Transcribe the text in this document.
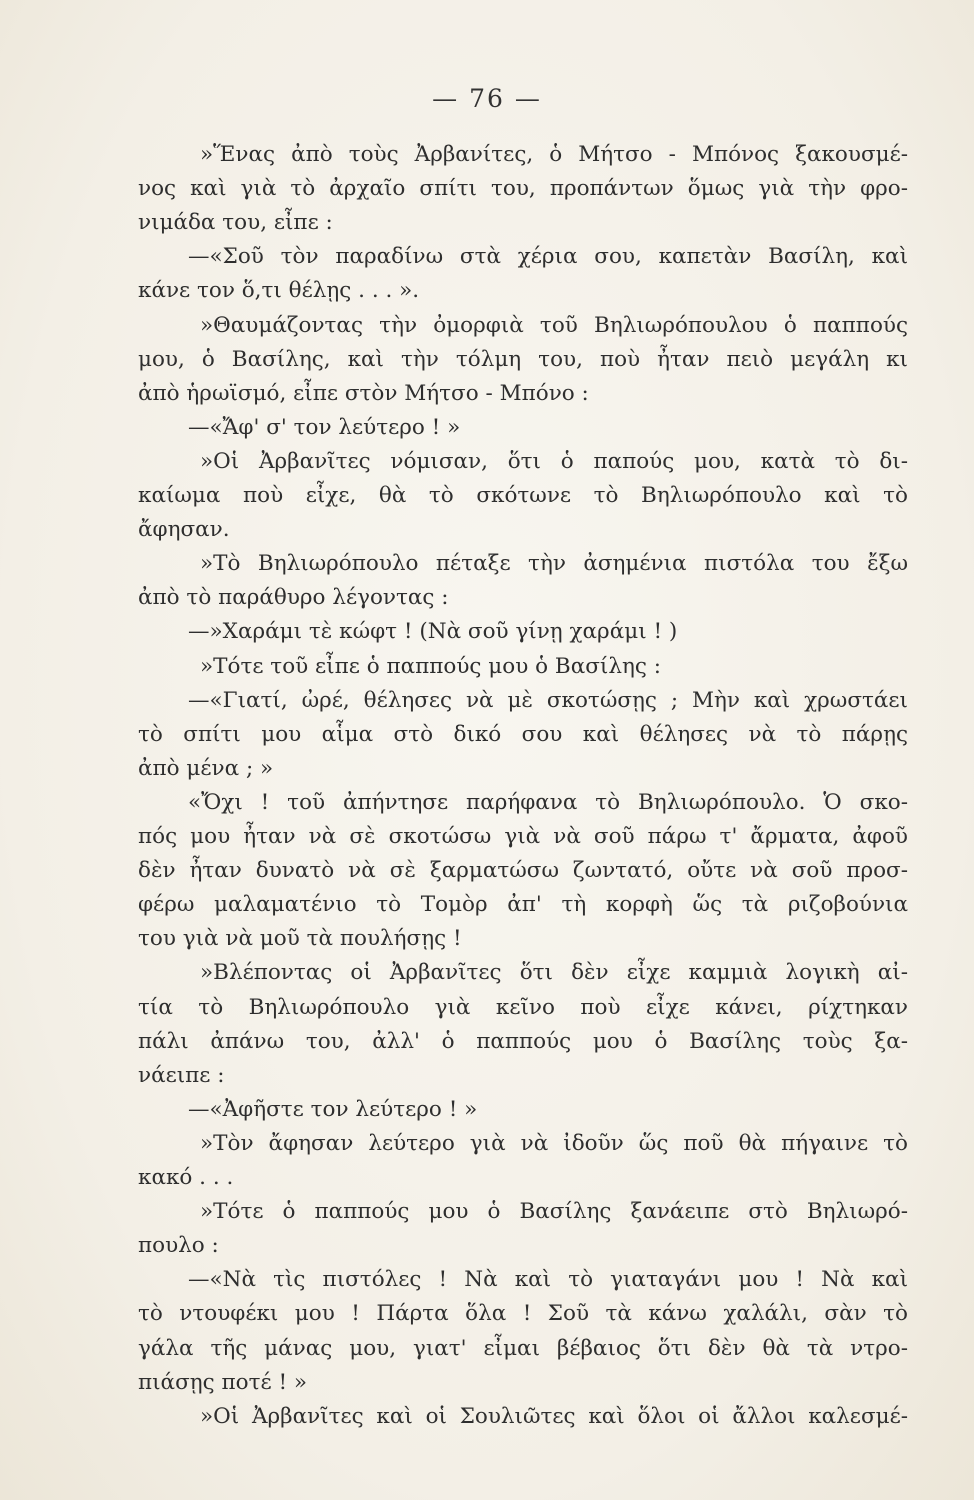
— 76 —
»Ἕνας ἀπὸ τοὺς Ἀρβανίτες, ὁ Μήτσο - Μπόνος ξακουσμέ-
νος καὶ γιὰ τὸ ἀρχαῖο σπίτι του, προπάντων ὅμως γιὰ τὴν φρο-
νιμάδα του, εἶπε :
—«Σοῦ τὸν παραδίνω στὰ χέρια σου, καπετὰν Βασίλη, καὶ
κάνε τον ὅ,τι θέλῃς . . . ».
»Θαυμάζοντας τὴν ὀμορφιὰ τοῦ Βηλιωρόπουλου ὁ παππούς
μου, ὁ Βασίλης, καὶ τὴν τόλμη του, ποὺ ἦταν πειὸ μεγάλη κι
ἀπὸ ἡρωϊσμό, εἶπε στὸν Μήτσο - Μπόνο :
—«Ἄφ' σ' τον λεύτερο ! »
»Οἱ Ἀρβανῖτες νόμισαν, ὅτι ὁ παπούς μου, κατὰ τὸ δι-
καίωμα ποὺ εἶχε, θὰ τὸ σκότωνε τὸ Βηλιωρόπουλο καὶ τὸ
ἄφησαν.
»Τὸ Βηλιωρόπουλο πέταξε τὴν ἀσημένια πιστόλα του ἔξω
ἀπὸ τὸ παράθυρο λέγοντας :
—»Χαράμι τὲ κώφτ ! (Νὰ σοῦ γίνῃ χαράμι ! )
»Τότε τοῦ εἶπε ὁ παππούς μου ὁ Βασίλης :
—«Γιατί, ὠρέ, θέλησες νὰ μὲ σκοτώσῃς ; Μὴν καὶ χρωστάει
τὸ σπίτι μου αἷμα στὸ δικό σου καὶ θέλησες νὰ τὸ πάρῃς
ἀπὸ μένα ; »
«Ὄχι ! τοῦ ἀπήντησε παρήφανα τὸ Βηλιωρόπουλο. Ὁ σκο-
πός μου ἦταν νὰ σὲ σκοτώσω γιὰ νὰ σοῦ πάρω τ' ἄρματα, ἀφοῦ
δὲν ἦταν δυνατὸ νὰ σὲ ξαρματώσω ζωντατό, οὔτε νὰ σοῦ προσ-
φέρω μαλαματένιο τὸ Τομὸρ ἀπ' τὴ κορφὴ ὥς τὰ ριζοβούνια
του γιὰ νὰ μοῦ τὰ πουλήσῃς !
»Βλέποντας οἱ Ἀρβανῖτες ὅτι δὲν εἶχε καμμιὰ λογικὴ αἰ-
τία τὸ Βηλιωρόπουλο γιὰ κεῖνο ποὺ εἶχε κάνει, ρίχτηκαν
πάλι ἀπάνω του, ἀλλ' ὁ παππούς μου ὁ Βασίλης τοὺς ξα-
νάειπε :
—«Ἀφῆστε τον λεύτερο ! »
»Τὸν ἄφησαν λεύτερο γιὰ νὰ ἰδοῦν ὥς ποῦ θὰ πήγαινε τὸ
κακό . . .
»Τότε ὁ παππούς μου ὁ Βασίλης ξανάειπε στὸ Βηλιωρό-
πουλο :
—«Νὰ τὶς πιστόλες ! Νὰ καὶ τὸ γιαταγάνι μου ! Νὰ καὶ
τὸ ντουφέκι μου ! Πάρτα ὅλα ! Σοῦ τὰ κάνω χαλάλι, σὰν τὸ
γάλα τῆς μάνας μου, γιατ' εἶμαι βέβαιος ὅτι δὲν θὰ τὰ ντρο-
πιάσῃς ποτέ ! »
»Οἱ Ἀρβανῖτες καὶ οἱ Σουλιῶτες καὶ ὅλοι οἱ ἄλλοι καλεσμέ-
